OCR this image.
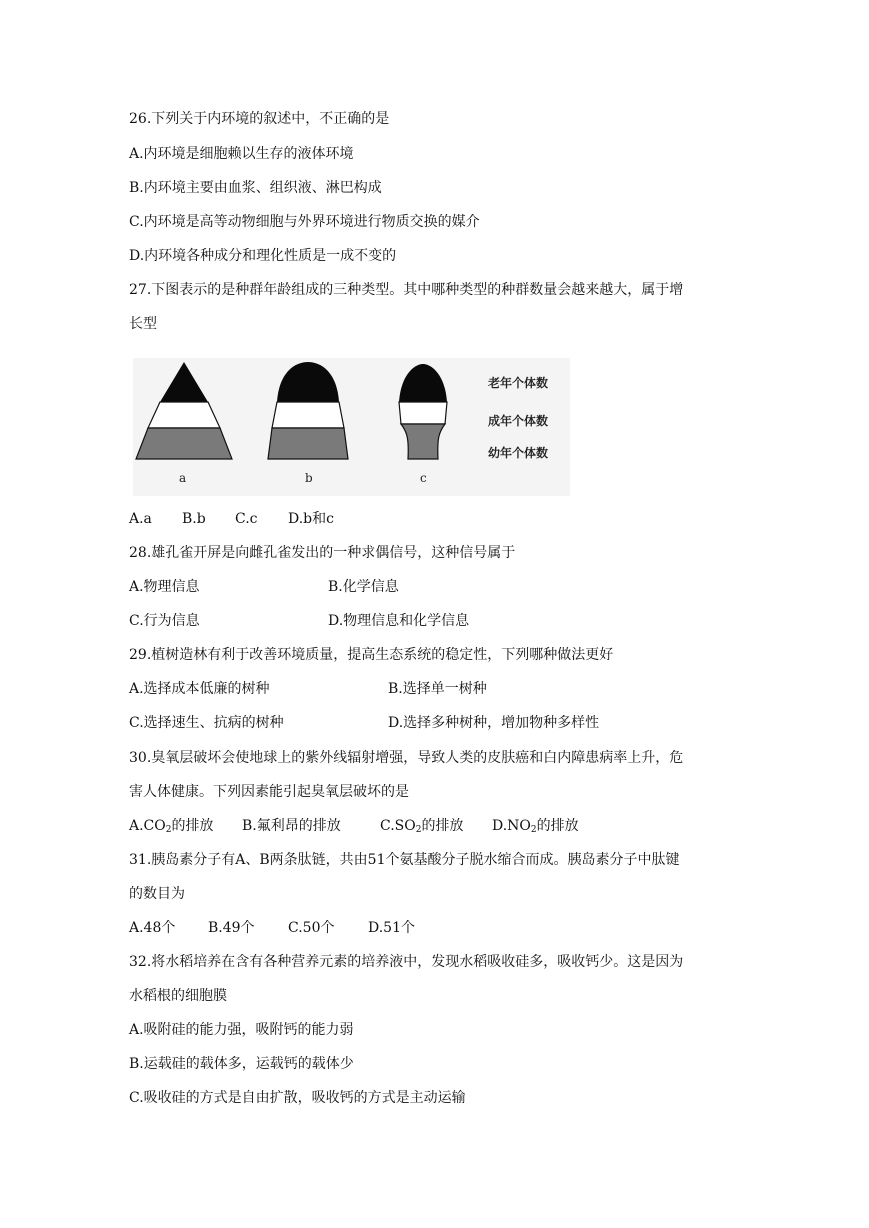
26.下列关于内环境的叙述中，不正确的是
A.内环境是细胞赖以生存的液体环境
B.内环境主要由血浆、组织液、淋巴构成
C.内环境是高等动物细胞与外界环境进行物质交换的媒介
D.内环境各种成分和理化性质是一成不变的
27.下图表示的是种群年龄组成的三种类型。其中哪种类型的种群数量会越来越大，属于增
长型
老年个体数
成年个体数
幼年个体数
a	b	c
A.a B.b C.c D.b和c
28.雄孔雀开屏是向雌孔雀发出的一种求偶信号，这种信号属于
A.物理信息	B.化学信息
C.行为信息	D.物理信息和化学信息
29.植树造林有利于改善环境质量，提高生态系统的稳定性，下列哪种做法更好
A.选择成本低廉的树种	B.选择单一树种
C.选择速生、抗病的树种	D.选择多种树种，增加物种多样性
30.臭氧层破坏会使地球上的紫外线辐射增强，导致人类的皮肤癌和白内障患病率上升，危
害人体健康。下列因素能引起臭氧层破坏的是
$A.CO_2$的排放 B.氟利昂的排放	$C.SO_2$的排放 $D.NO_2$的排放
31.胰岛素分子有A、B两条肽链，共由51个氨基酸分子脱水缩合而成。胰岛素分子中肽键
的数目为
A.48个 B.49个 C.50个 D.51个
32.将水稻培养在含有各种营养元素的培养液中，发现水稻吸收硅多，吸收钙少。这是因为
水稻根的细胞膜
A.吸附硅的能力强，吸附钙的能力弱
B.运载硅的载体多，运载钙的载体少
C.吸收硅的方式是自由扩散，吸收钙的方式是主动运输
